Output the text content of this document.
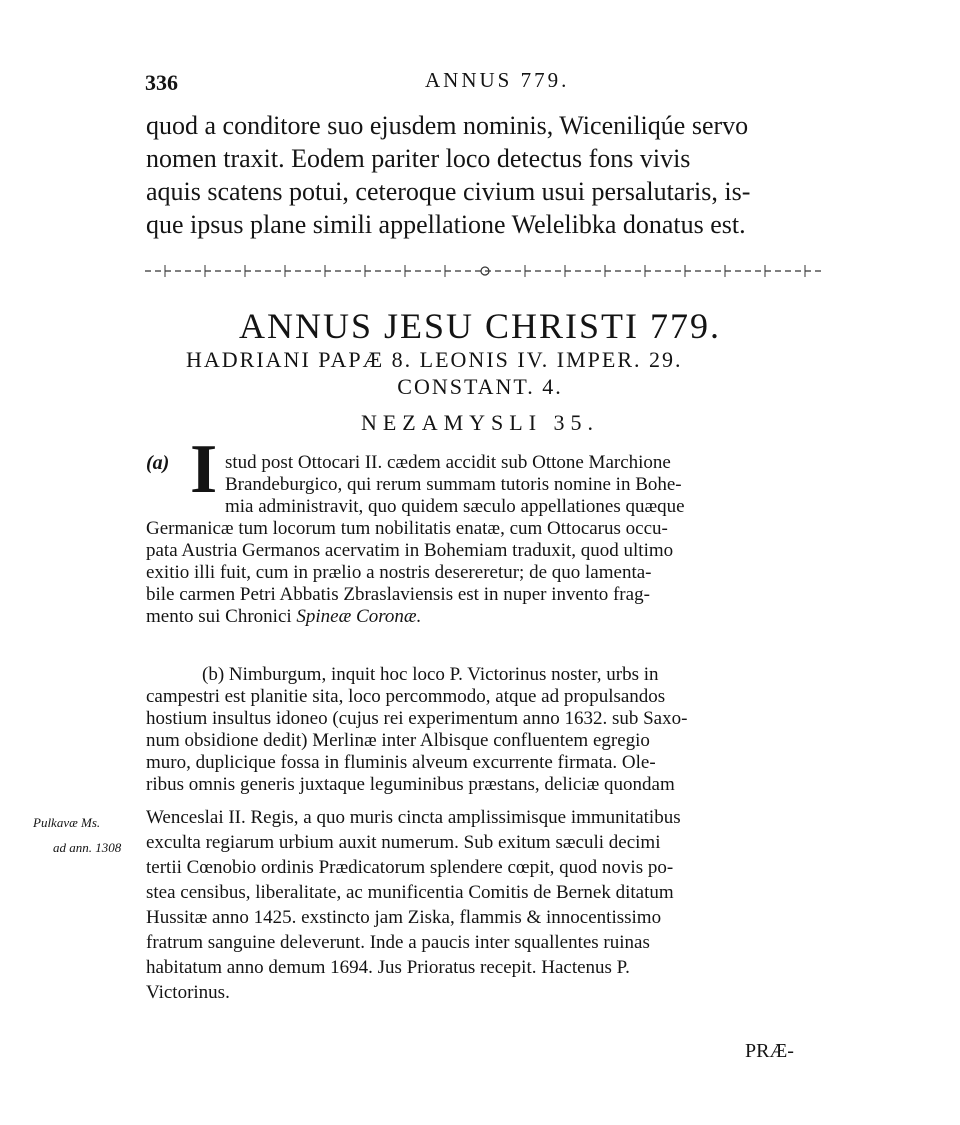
336	ANNUS 779.
quod a conditore suo ejusdem nominis, Wiceniliqúe servo
nomen traxit. Eodem pariter loco detectus fons vivis
aquis scatens potui, ceteroque civium usui persalutaris, is-
que ipsus plane simili appellatione Welelibka donatus est.
ANNUS JESU CHRISTI 779.
HADRIANI PAPÆ 8. LEONIS IV. IMPER. 29.
CONSTANT. 4.
NEZAMYSLI 35.
(a) I stud post Ottocari II. cædem accidit sub Ottone Marchione
Brandeburgico, qui rerum summam tutoris nomine in Bohe-
mia administravit, quo quidem sæculo appellationes quæque
Germanicæ tum locorum tum nobilitatis enatæ, cum Ottocarus occu-
pata Austria Germanos acervatim in Bohemiam traduxit, quod ultimo
exitio illi fuit, cum in prælio a nostris desereretur; de quo lamenta-
bile carmen Petri Abbatis Zbraslaviensis est in nuper invento frag-
mento sui Chronici Spineæ Coronæ.
(b) Nimburgum, inquit hoc loco P. Victorinus noster, urbs in
campestri est planitie sita, loco percommodo, atque ad propulsandos
hostium insultus idoneo (cujus rei experimentum anno 1632. sub Saxo-
num obsidione dedit) Merlinæ inter Albisque confluentem egregio
muro, duplicique fossa in fluminis alveum excurrente firmata. Ole-
ribus omnis generis juxtaque leguminibus præstans, deliciæ quondam
Wenceslai II. Regis, a quo muris cincta amplissimisque immunitatibus
exculta regiarum urbium auxit numerum. Sub exitum sæculi decimi
tertii Cœnobio ordinis Prædicatorum splendere cœpit, quod novis po-
stea censibus, liberalitate, ac munificentia Comitis de Bernek ditatum
Hussitæ anno 1425. exstincto jam Ziska, flammis & innocentissimo
fratrum sanguine deleverunt. Inde a paucis inter squallentes ruinas
habitatum anno demum 1694. Jus Prioratus recepit. Hactenus P.
Victorinus.
Pulkavæ Ms.
ad ann. 1308
PRÆ-
